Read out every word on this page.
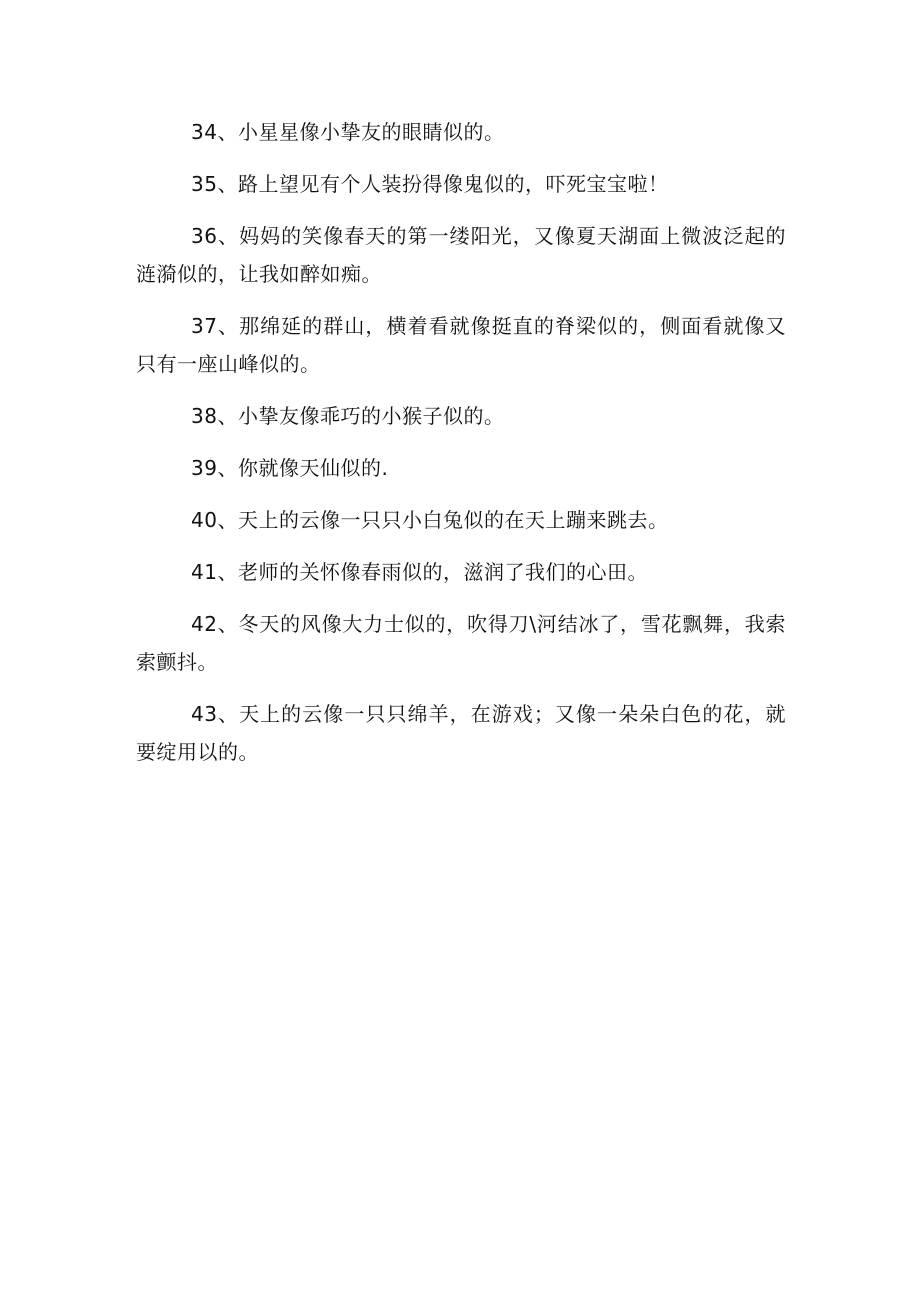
34、小星星像小挚友的眼睛似的。

35、路上望见有个人装扮得像鬼似的，吓死宝宝啦！

36、妈妈的笑像春天的第一缕阳光，又像夏天湖面上微波泛起的涟漪似的，让我如醉如痴。

37、那绵延的群山，横着看就像挺直的脊梁似的，侧面看就像又只有一座山峰似的。

38、小挚友像乖巧的小猴子似的。

39、你就像天仙似的.

40、天上的云像一只只小白兔似的在天上蹦来跳去。

41、老师的关怀像春雨似的，滋润了我们的心田。

42、冬天的风像大力士似的，吹得刀\河结冰了，雪花飘舞，我索索颤抖。

43、天上的云像一只只绵羊，在游戏；又像一朵朵白色的花，就要绽用以的。
